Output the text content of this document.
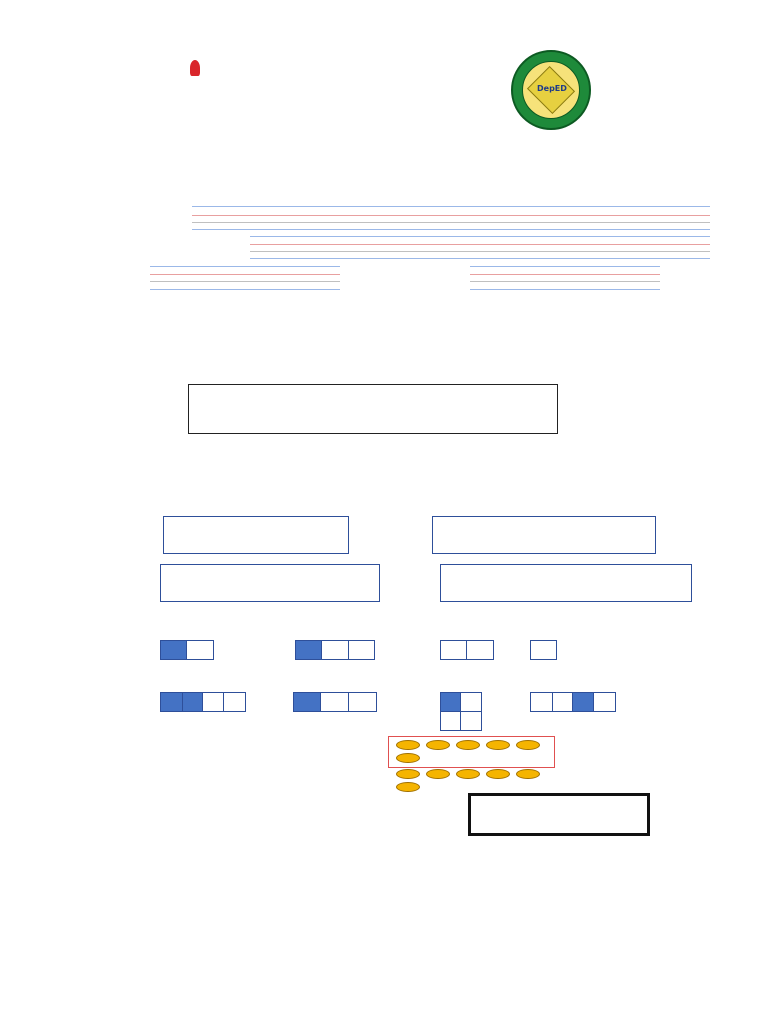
DepED
